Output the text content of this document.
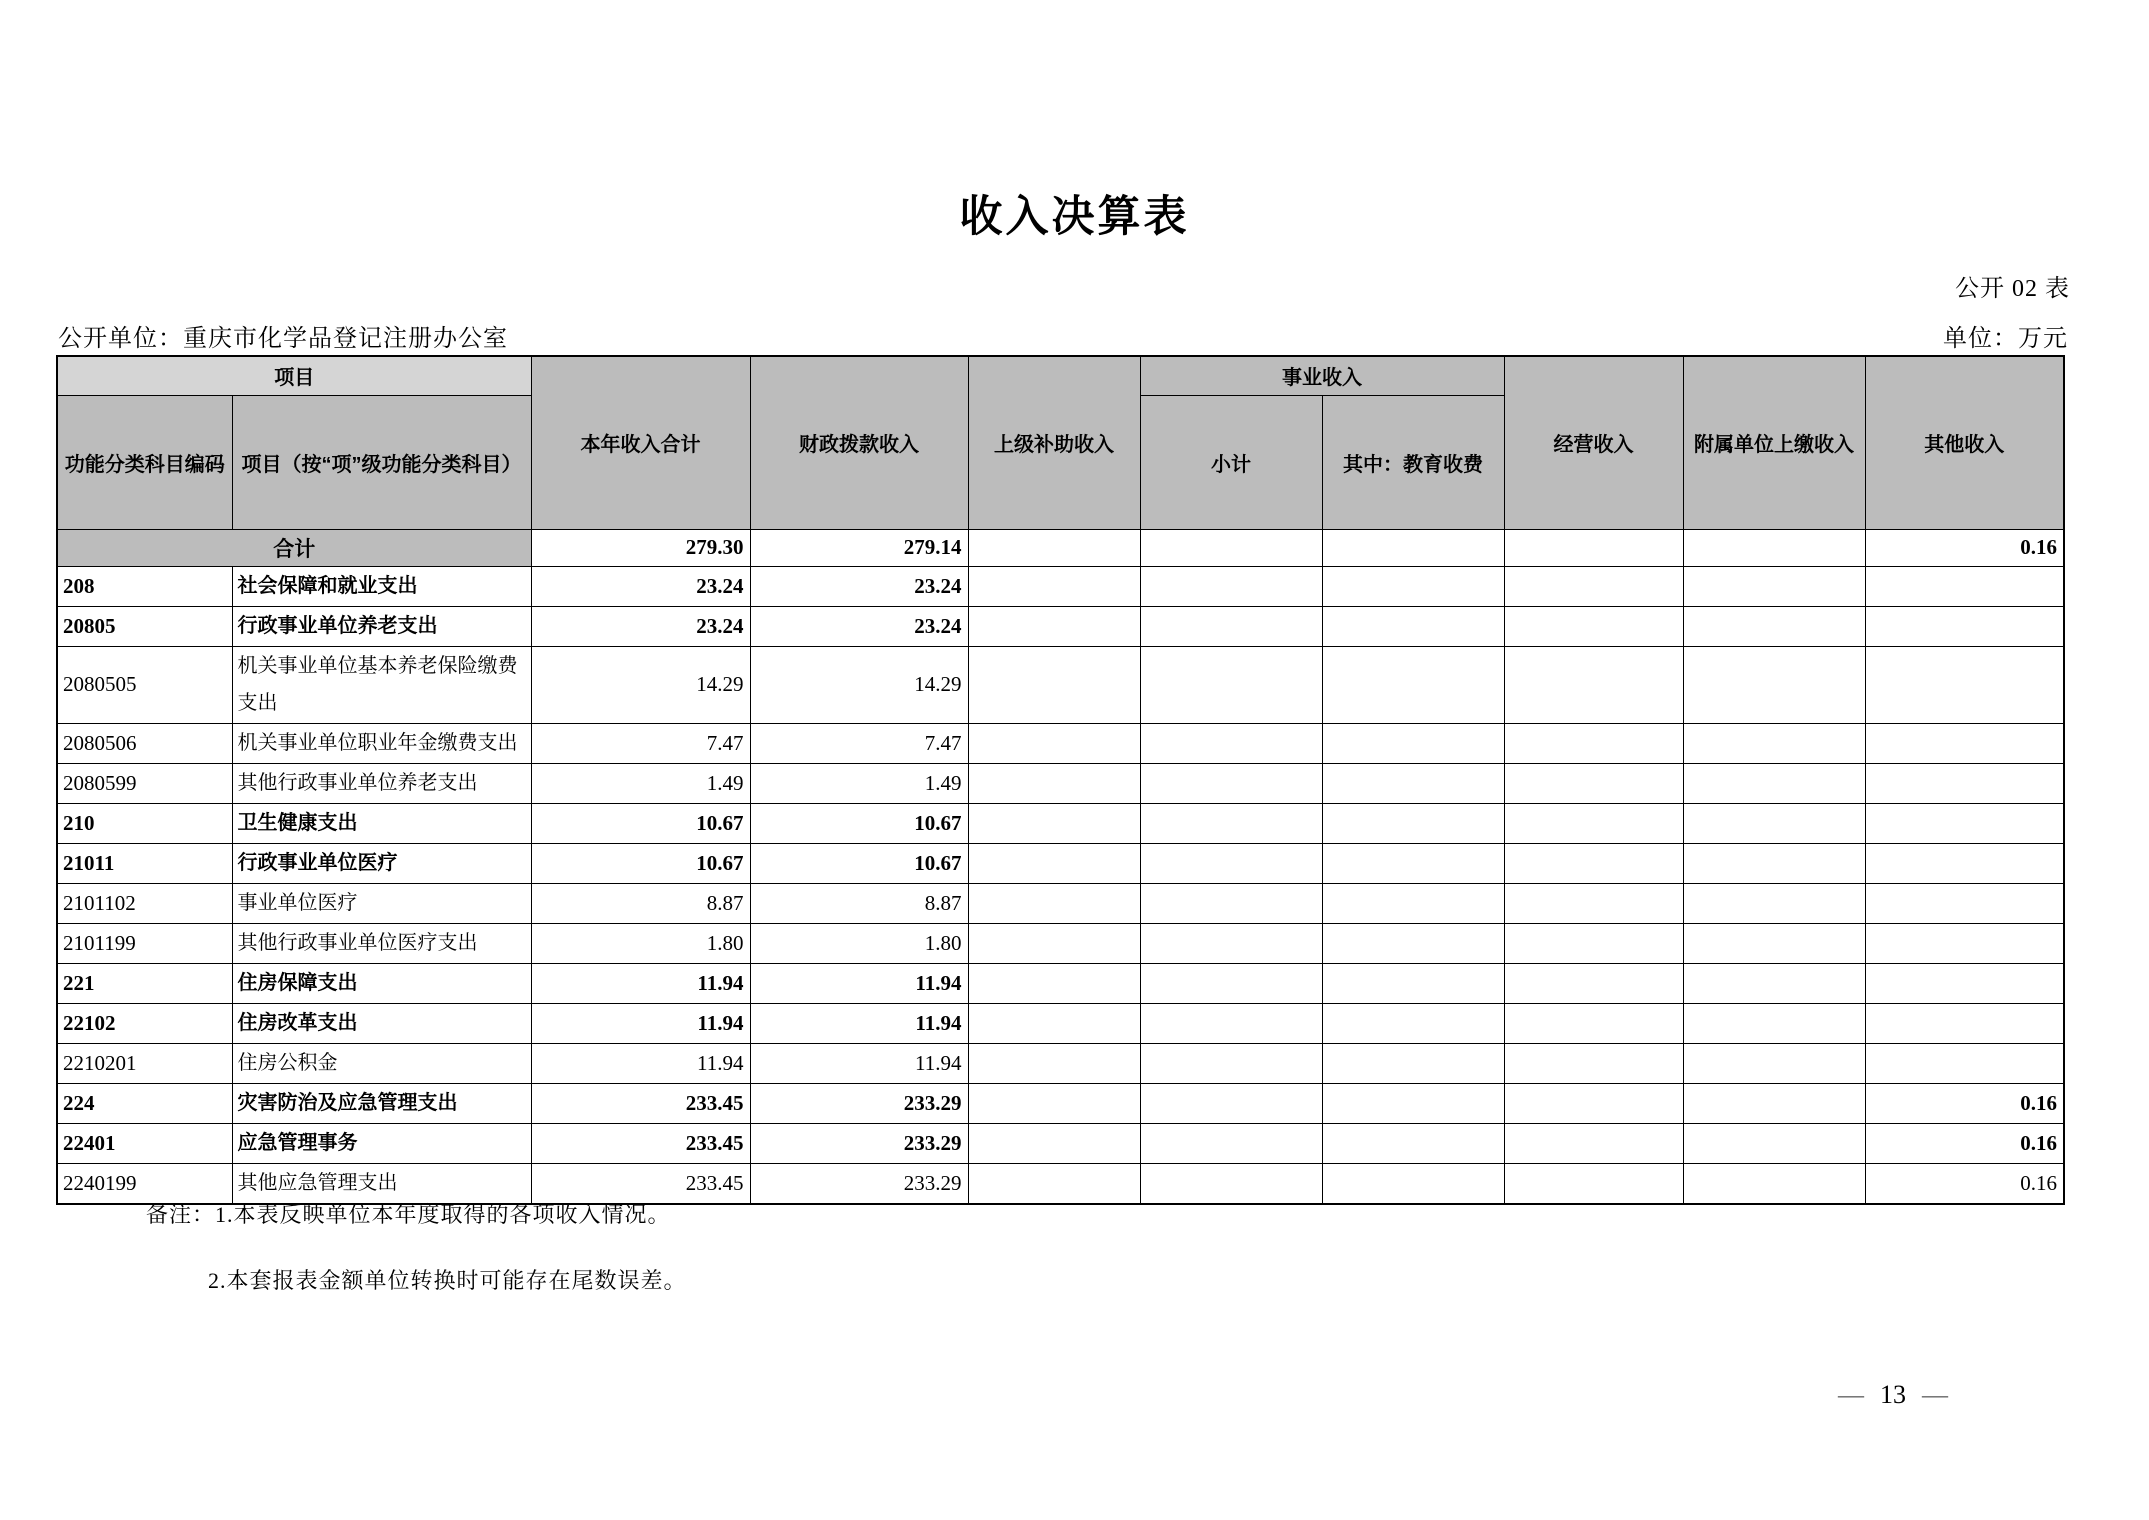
收入决算表
公开 02 表
公开单位：重庆市化学品登记注册办公室	单位：万元
项目		本年收入合计	财政拨款收入	上级补助收入	事业收入		经营收入	附属单位上缴收入	其他收入
功能分类科目编码	项目（按“项”级功能分类科目）				小计	其中：教育收费			
合计		279.30	279.14						0.16
208	社会保障和就业支出	23.24	23.24						
20805	行政事业单位养老支出	23.24	23.24						
2080505	机关事业单位基本养老保险缴费支出	14.29	14.29						
2080506	机关事业单位职业年金缴费支出	7.47	7.47						
2080599	其他行政事业单位养老支出	1.49	1.49						
210	卫生健康支出	10.67	10.67						
21011	行政事业单位医疗	10.67	10.67						
2101102	事业单位医疗	8.87	8.87						
2101199	其他行政事业单位医疗支出	1.80	1.80						
221	住房保障支出	11.94	11.94						
22102	住房改革支出	11.94	11.94						
2210201	住房公积金	11.94	11.94						
224	灾害防治及应急管理支出	233.45	233.29						0.16
22401	应急管理事务	233.45	233.29						0.16
2240199	其他应急管理支出	233.45	233.29						0.16
备注：1.本表反映单位本年度取得的各项收入情况。
2.本套报表金额单位转换时可能存在尾数误差。
— 13 —
